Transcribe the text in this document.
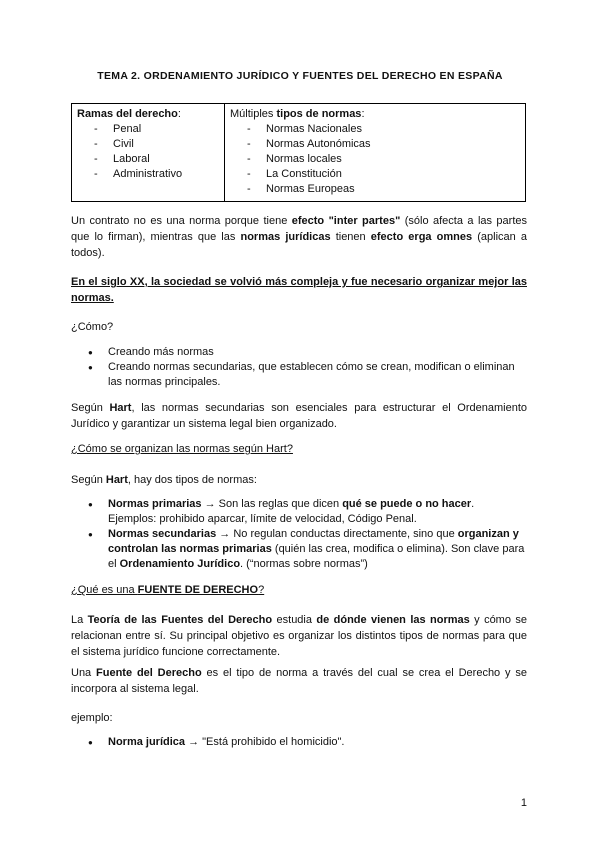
TEMA 2. ORDENAMIENTO JURÍDICO Y FUENTES DEL DERECHO EN ESPAÑA
Ramas del derecho:
- Penal
- Civil
- Laboral
- Administrativo

Múltiples tipos de normas:
- Normas Nacionales
- Normas Autonómicas
- Normas locales
- La Constitución
- Normas Europeas
Un contrato no es una norma porque tiene efecto "inter partes" (sólo afecta a las partes que lo firman), mientras que las normas jurídicas tienen efecto erga omnes (aplican a todos).
En el siglo XX, la sociedad se volvió más compleja y fue necesario organizar mejor las normas.
¿Cómo?
● Creando más normas
● Creando normas secundarias, que establecen cómo se crean, modifican o eliminan las normas principales.
Según Hart, las normas secundarias son esenciales para estructurar el Ordenamiento Jurídico y garantizar un sistema legal bien organizado.
¿Cómo se organizan las normas según Hart?
Según Hart, hay dos tipos de normas:
● Normas primarias → Son las reglas que dicen qué se puede o no hacer.
Ejemplos: prohibido aparcar, límite de velocidad, Código Penal.
● Normas secundarias → No regulan conductas directamente, sino que organizan y controlan las normas primarias (quién las crea, modifica o elimina). Son clave para el Ordenamiento Jurídico. (“normas sobre normas”)
¿Qué es una FUENTE DE DERECHO?
La Teoría de las Fuentes del Derecho estudia de dónde vienen las normas y cómo se relacionan entre sí. Su principal objetivo es organizar los distintos tipos de normas para que el sistema jurídico funcione correctamente.
Una Fuente del Derecho es el tipo de norma a través del cual se crea el Derecho y se incorpora al sistema legal.
ejemplo:
● Norma jurídica → "Está prohibido el homicidio".
1
